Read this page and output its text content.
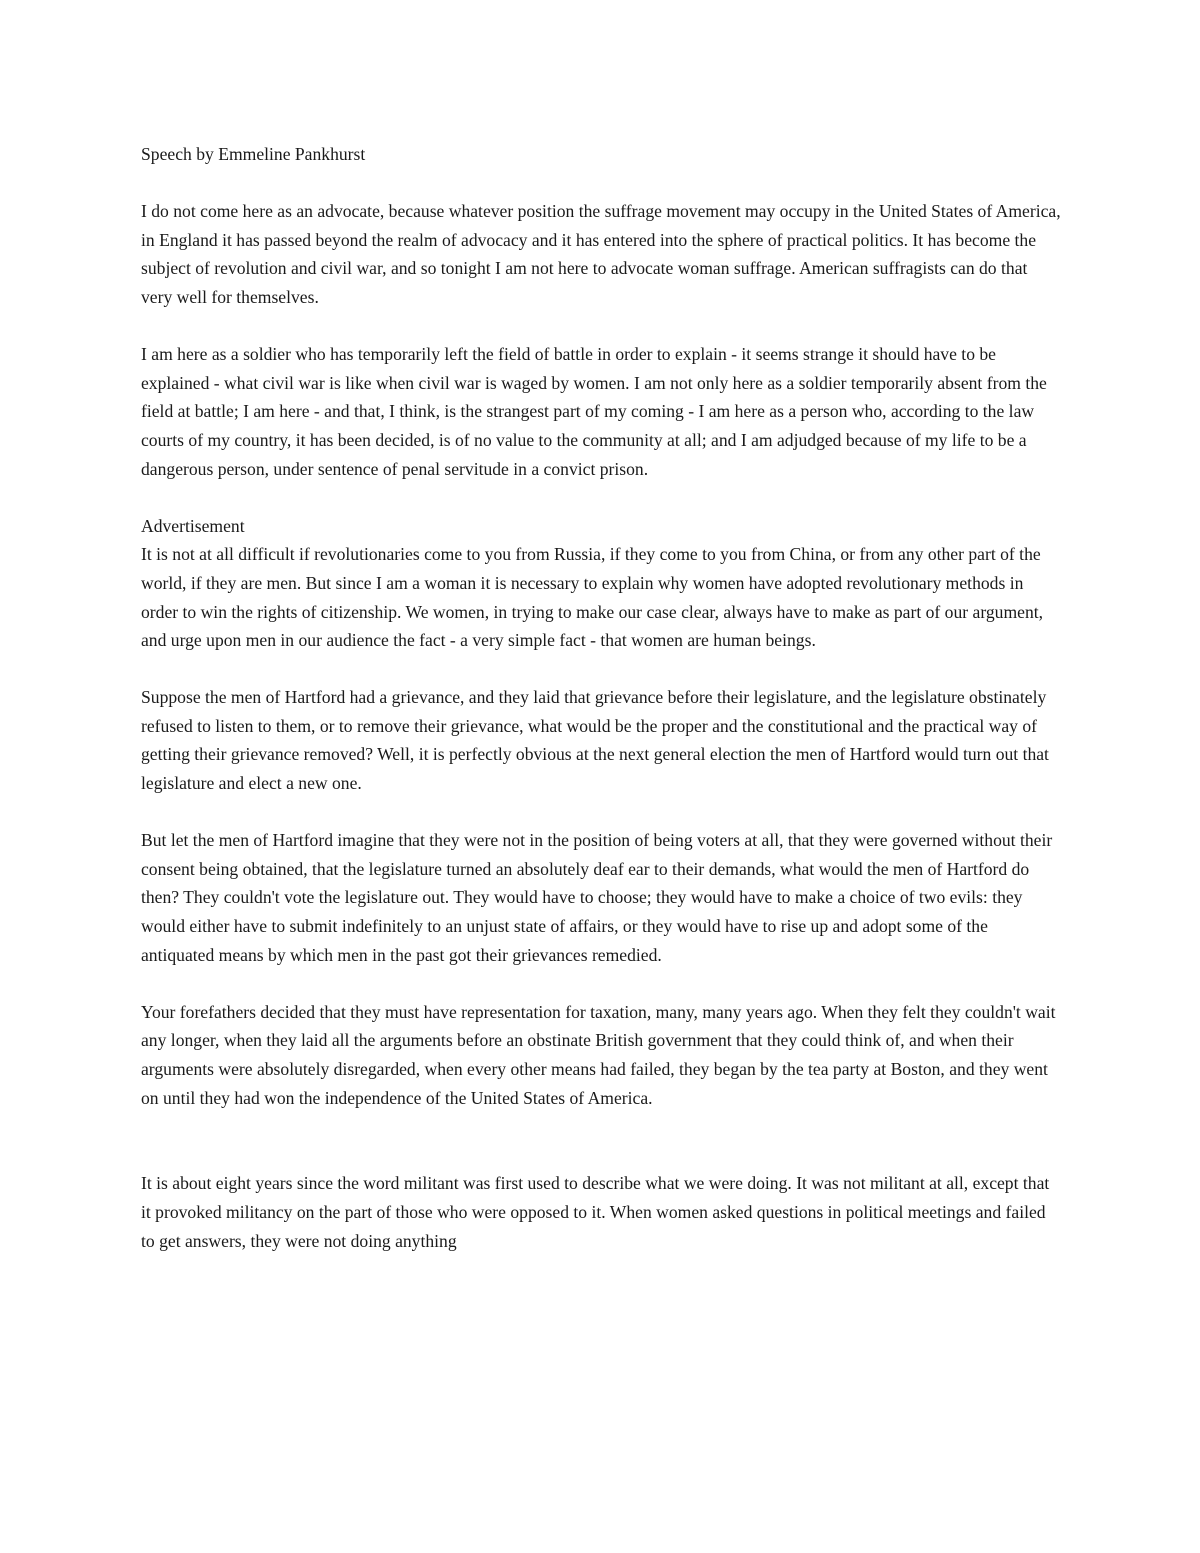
Speech by Emmeline Pankhurst

I do not come here as an advocate, because whatever position the suffrage movement may occupy in the United States of America, in England it has passed beyond the realm of advocacy and it has entered into the sphere of practical politics. It has become the subject of revolution and civil war, and so tonight I am not here to advocate woman suffrage. American suffragists can do that very well for themselves.

I am here as a soldier who has temporarily left the field of battle in order to explain - it seems strange it should have to be explained - what civil war is like when civil war is waged by women. I am not only here as a soldier temporarily absent from the field at battle; I am here - and that, I think, is the strangest part of my coming - I am here as a person who, according to the law courts of my country, it has been decided, is of no value to the community at all; and I am adjudged because of my life to be a dangerous person, under sentence of penal servitude in a convict prison.

Advertisement

It is not at all difficult if revolutionaries come to you from Russia, if they come to you from China, or from any other part of the world, if they are men. But since I am a woman it is necessary to explain why women have adopted revolutionary methods in order to win the rights of citizenship. We women, in trying to make our case clear, always have to make as part of our argument, and urge upon men in our audience the fact - a very simple fact - that women are human beings.

Suppose the men of Hartford had a grievance, and they laid that grievance before their legislature, and the legislature obstinately refused to listen to them, or to remove their grievance, what would be the proper and the constitutional and the practical way of getting their grievance removed? Well, it is perfectly obvious at the next general election the men of Hartford would turn out that legislature and elect a new one.

But let the men of Hartford imagine that they were not in the position of being voters at all, that they were governed without their consent being obtained, that the legislature turned an absolutely deaf ear to their demands, what would the men of Hartford do then? They couldn't vote the legislature out. They would have to choose; they would have to make a choice of two evils: they would either have to submit indefinitely to an unjust state of affairs, or they would have to rise up and adopt some of the antiquated means by which men in the past got their grievances remedied.

Your forefathers decided that they must have representation for taxation, many, many years ago. When they felt they couldn't wait any longer, when they laid all the arguments before an obstinate British government that they could think of, and when their arguments were absolutely disregarded, when every other means had failed, they began by the tea party at Boston, and they went on until they had won the independence of the United States of America.

It is about eight years since the word militant was first used to describe what we were doing. It was not militant at all, except that it provoked militancy on the part of those who were opposed to it. When women asked questions in political meetings and failed to get answers, they were not doing anything
